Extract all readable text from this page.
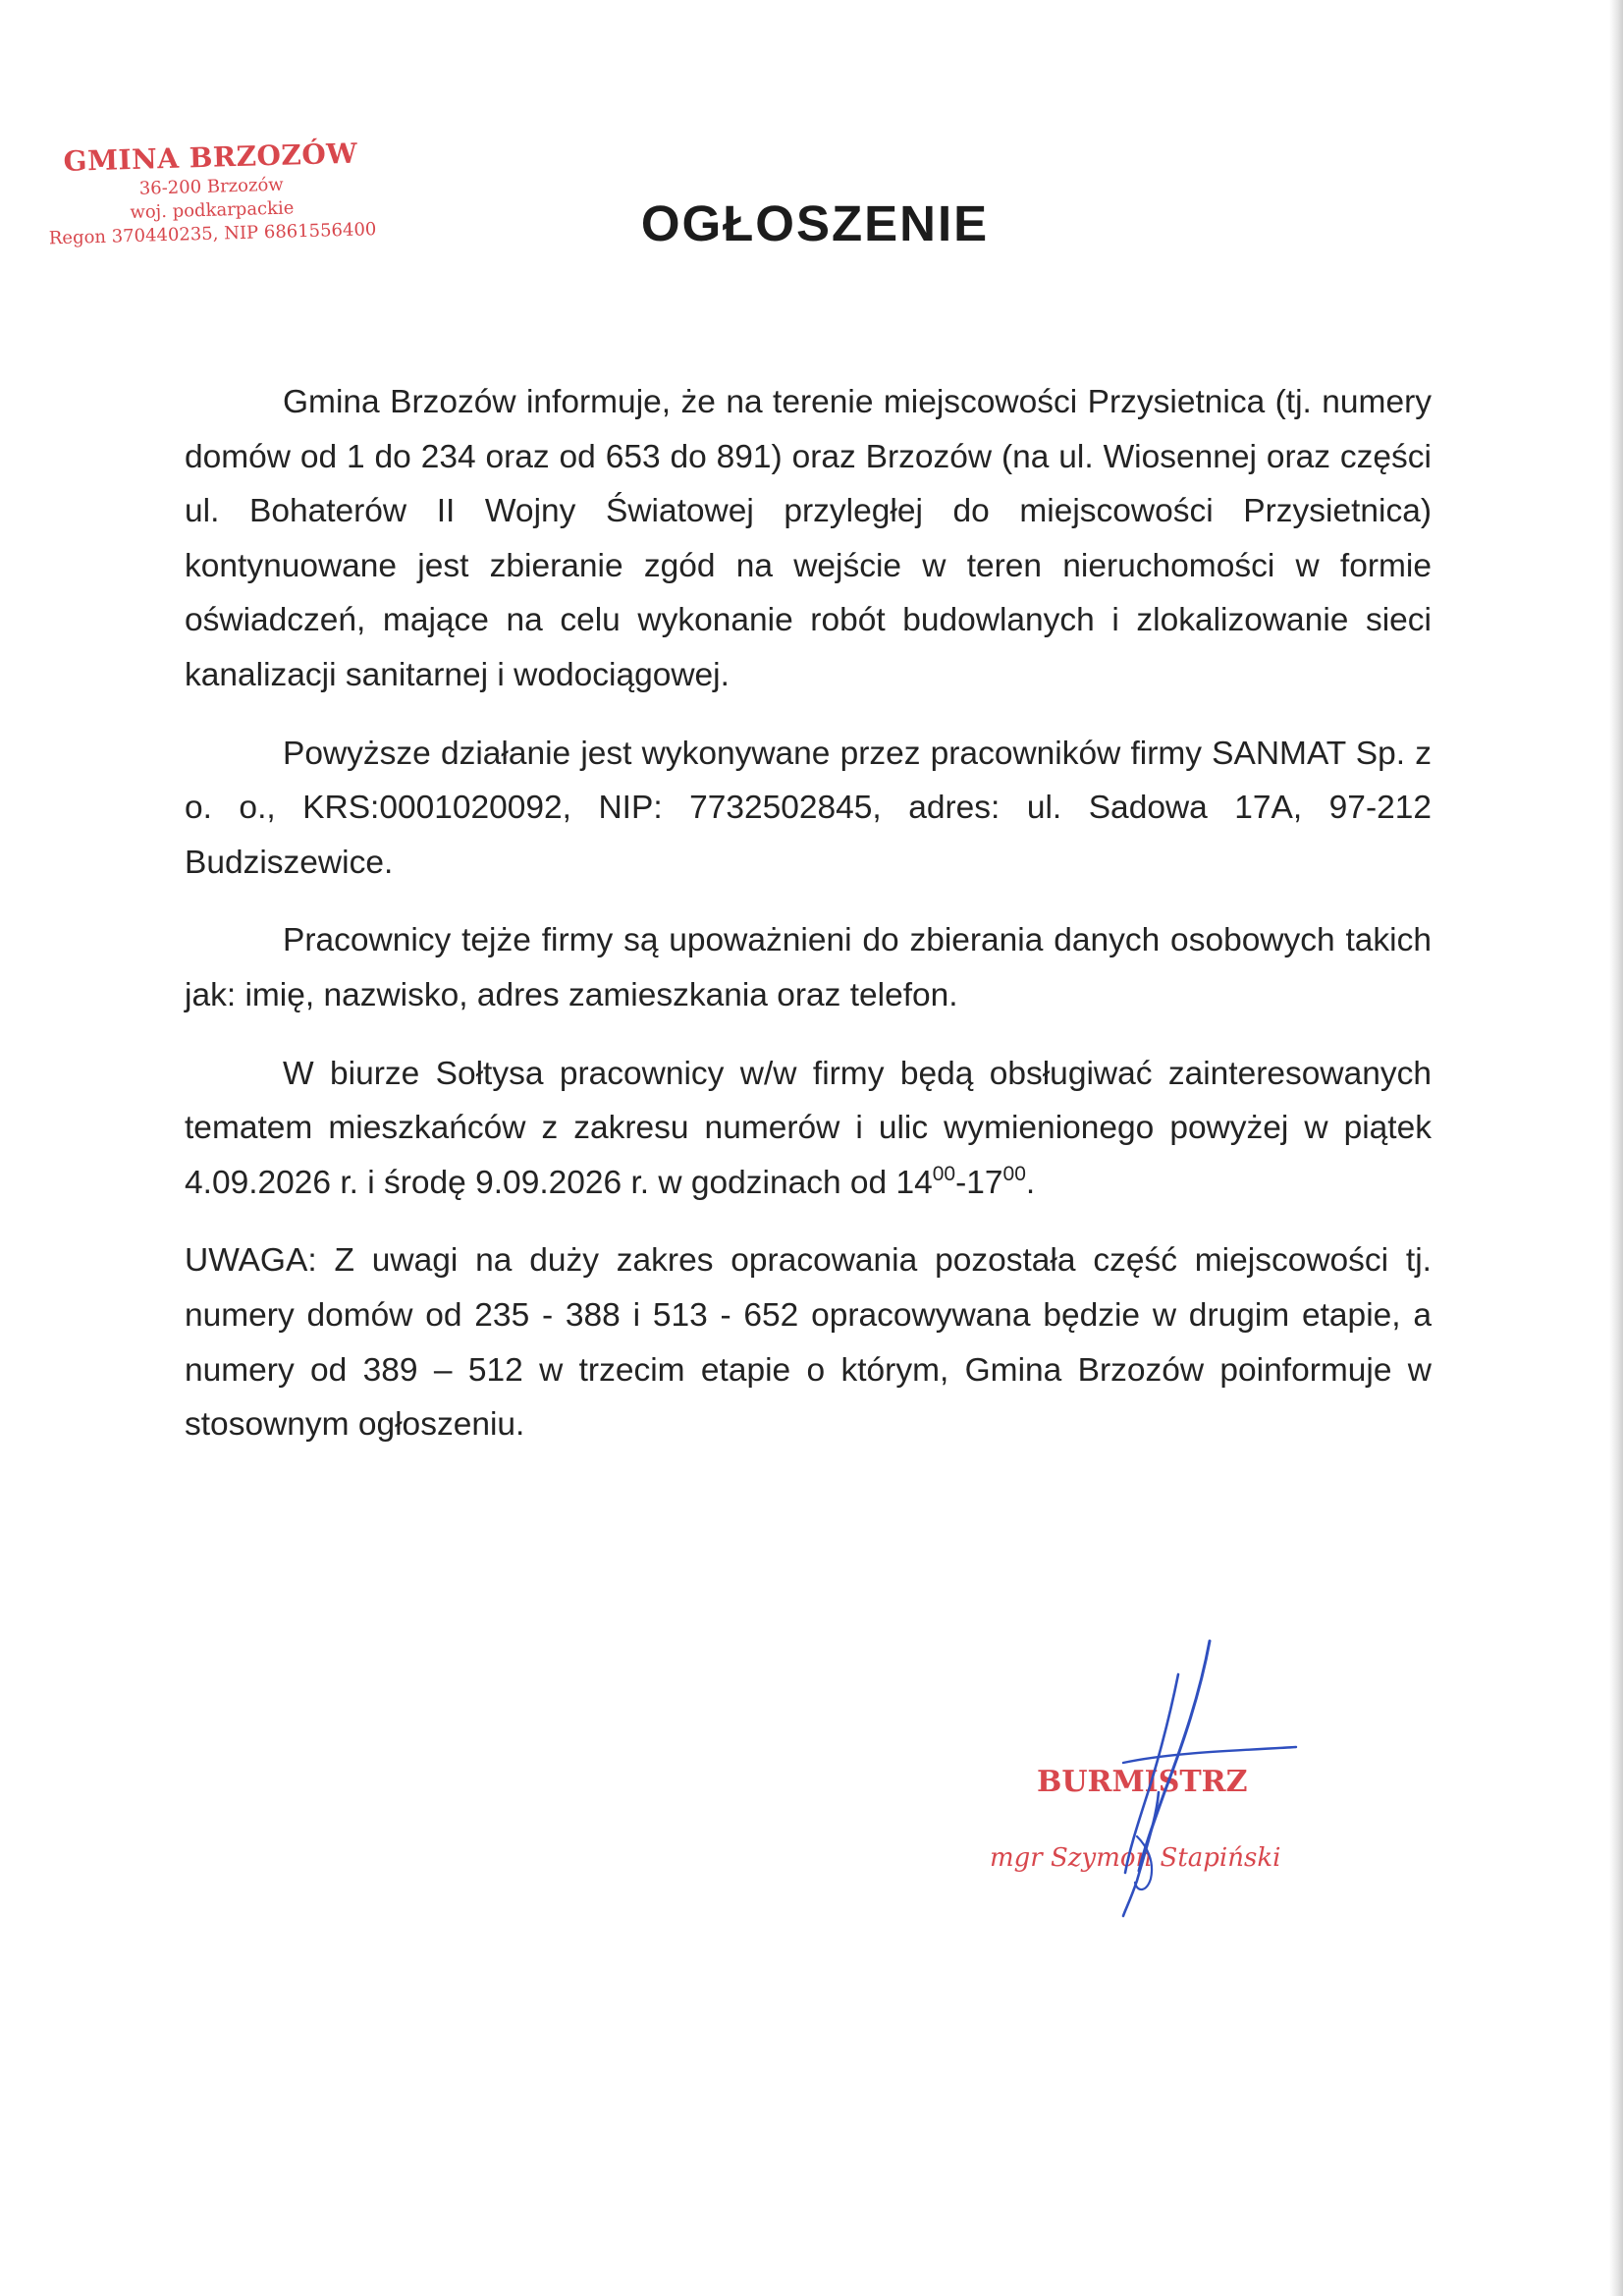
GMINA BRZOZÓW
36-200 Brzozów
woj. podkarpackie
Regon 370440235, NIP 6861556400	OGŁOSZENIE

Gmina Brzozów informuje, że na terenie miejscowości Przysietnica (tj. numery domów od 1 do 234 oraz od 653 do 891) oraz Brzozów (na ul. Wiosennej oraz części ul. Bohaterów II Wojny Światowej przyległej do miejscowości Przysietnica) kontynuowane jest zbieranie zgód na wejście w teren nieruchomości w formie oświadczeń, mające na celu wykonanie robót budowlanych i zlokalizowanie sieci kanalizacji sanitarnej i wodociągowej.

Powyższe działanie jest wykonywane przez pracowników firmy SANMAT Sp. z o. o., KRS:0001020092, NIP: 7732502845, adres: ul. Sadowa 17A, 97-212 Budziszewice.

Pracownicy tejże firmy są upoważnieni do zbierania danych osobowych takich jak: imię, nazwisko, adres zamieszkania oraz telefon.

W biurze Sołtysa pracownicy w/w firmy będą obsługiwać zainteresowanych tematem mieszkańców z zakresu numerów i ulic wymienionego powyżej w piątek 4.09.2026 r. i środę 9.09.2026 r. w godzinach od $14^{00}-17^{00}$.

UWAGA: Z uwagi na duży zakres opracowania pozostała część miejscowości tj. numery domów od 235 - 388 i 513 - 652 opracowywana będzie w drugim etapie, a numery od 389 – 512 w trzecim etapie o którym, Gmina Brzozów poinformuje w stosownym ogłoszeniu.

BURMISTRZ
mgr Szymon Stapiński
